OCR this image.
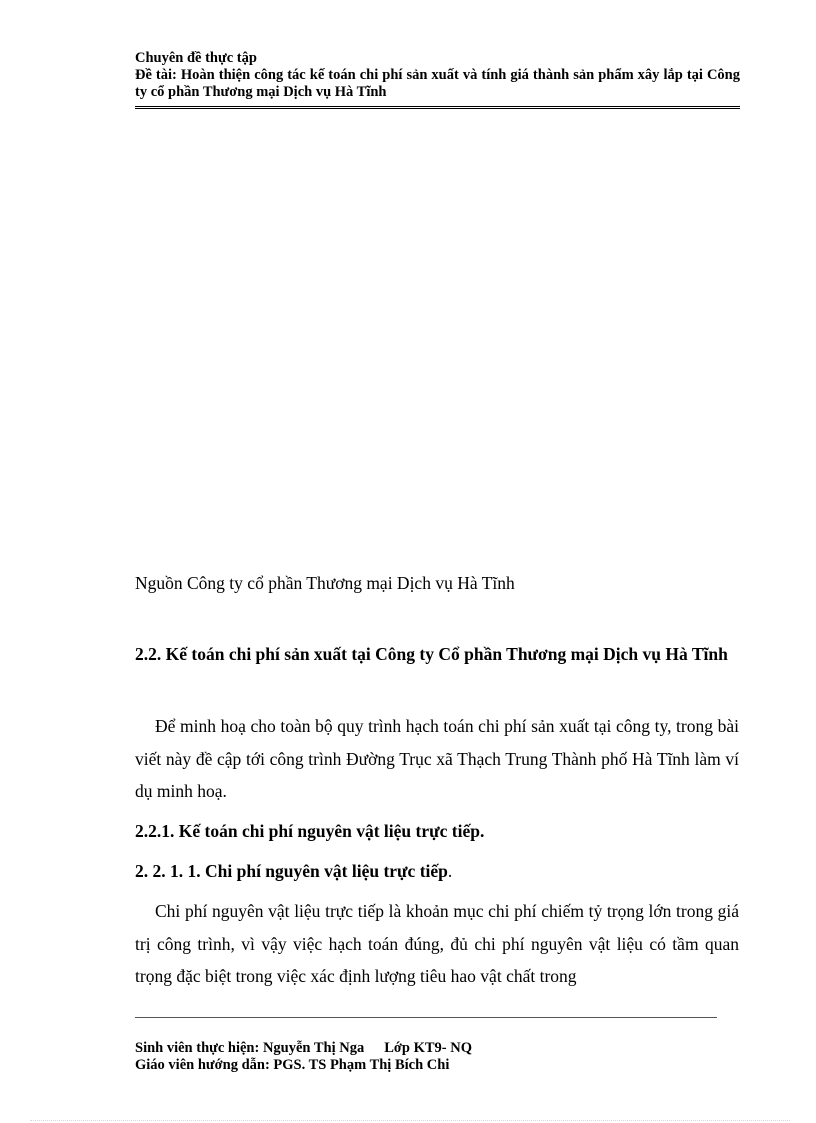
Chuyên đề thực tập
Đề tài: Hoàn thiện công tác kế toán chi phí sản xuất và tính giá thành sản phẩm xây lắp tại Công ty cổ phần Thương mại Dịch vụ Hà Tĩnh
Nguồn Công ty cổ phần Thương mại Dịch vụ Hà Tĩnh
2.2. Kế toán chi phí sản xuất tại Công ty Cổ phần Thương mại Dịch vụ Hà Tĩnh
Để minh hoạ cho toàn bộ quy trình hạch toán chi phí sản xuất tại công ty, trong bài viết này đề cập tới công trình Đường Trục xã Thạch Trung Thành phố Hà Tĩnh làm ví dụ minh hoạ.
2.2.1. Kế toán chi phí nguyên vật liệu trực tiếp.
2. 2. 1. 1. Chi phí nguyên vật liệu trực tiếp.
Chi phí nguyên vật liệu trực tiếp là khoản mục chi phí chiếm tỷ trọng lớn trong giá trị công trình, vì vậy việc hạch toán đúng, đủ chi phí nguyên vật liệu có tầm quan trọng đặc biệt trong việc xác định lượng tiêu hao vật chất trong
Sinh viên thực hiện: Nguyễn Thị Nga Lớp KT9- NQ
Giáo viên hướng dẫn: PGS. TS Phạm Thị Bích Chi
